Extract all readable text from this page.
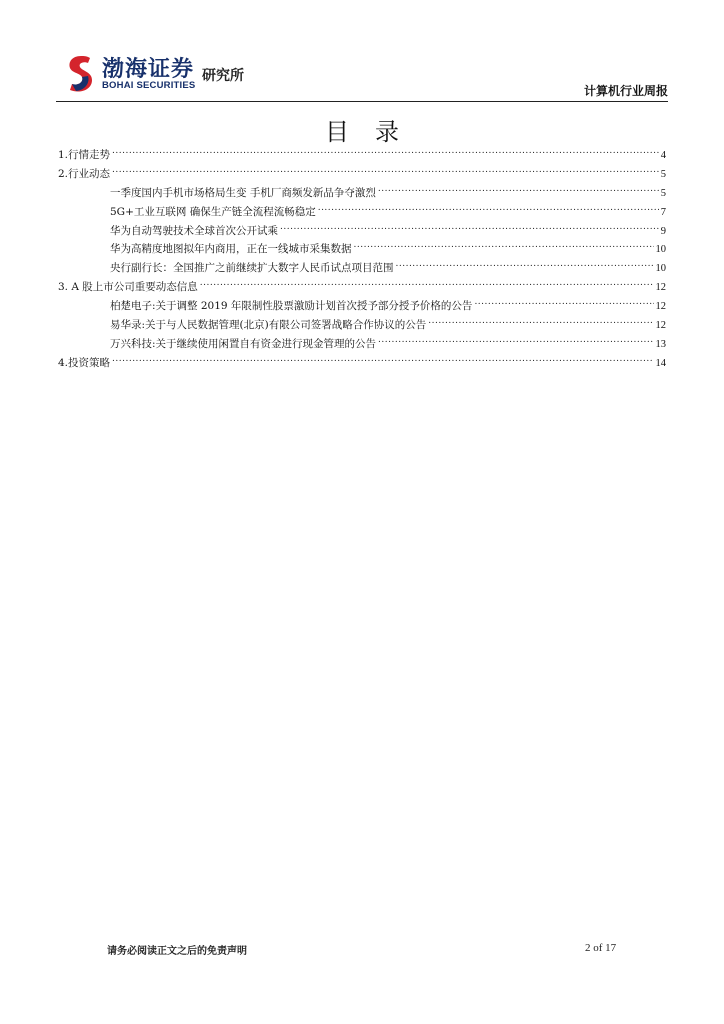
渤海证券
BOHAI SECURITIES
研究所
计算机行业周报
目录
1.行情走势 .....	4
2.行业动态 .....	5
一季度国内手机市场格局生变 手机厂商频发新品争夺激烈 .....	5
5G+工业互联网 确保生产链全流程流畅稳定 .....	7
华为自动驾驶技术全球首次公开试乘 .....	9
华为高精度地图拟年内商用，正在一线城市采集数据 .....	10
央行副行长：全国推广之前继续扩大数字人民币试点项目范围 .....	10
3. A 股上市公司重要动态信息 .....	12
柏楚电子:关于调整 2019 年限制性股票激励计划首次授予部分授予价格的公告 .....	12
易华录:关于与人民数据管理(北京)有限公司签署战略合作协议的公告 .....	12
万兴科技:关于继续使用闲置自有资金进行现金管理的公告 .....	13
4.投资策略 .....	14
请务必阅读正文之后的免责声明	2 of 17
